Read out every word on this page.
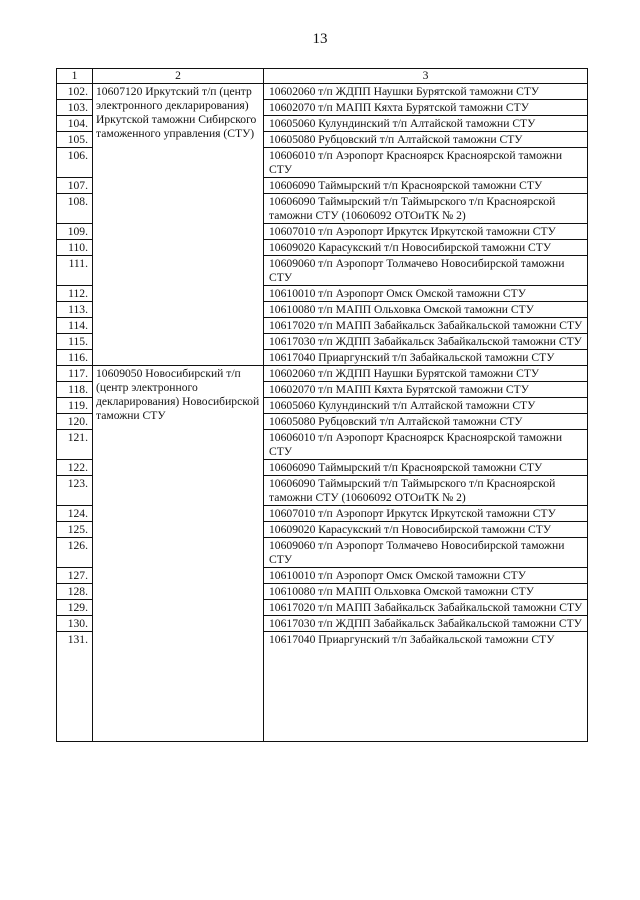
13
1	2	3
102.	10607120 Иркутский т/п (центр электронного декларирования) Иркутской таможни Сибирского таможенного управления (СТУ)	10602060 т/п ЖДПП Наушки Бурятской таможни СТУ
103.		10602070 т/п МАПП Кяхта Бурятской таможни СТУ
104.		10605060 Кулундинский т/п Алтайской таможни СТУ
105.		10605080 Рубцовский т/п Алтайской таможни СТУ
106.		10606010 т/п Аэропорт Красноярск Красноярской таможни СТУ
107.		10606090 Таймырский т/п Красноярской таможни СТУ
108.		10606090 Таймырский т/п Таймырского т/п Красноярской таможни СТУ (10606092 ОТОиТК № 2)
109.		10607010 т/п Аэропорт Иркутск Иркутской таможни СТУ
110.		10609020 Карасукский т/п Новосибирской таможни СТУ
111.		10609060 т/п Аэропорт Толмачево Новосибирской таможни СТУ
112.		10610010 т/п Аэропорт Омск Омской таможни СТУ
113.		10610080 т/п МАПП Ольховка Омской таможни СТУ
114.		10617020 т/п МАПП Забайкальск Забайкальской таможни СТУ
115.		10617030 т/п ЖДПП Забайкальск Забайкальской таможни СТУ
116.		10617040 Приаргунский т/п Забайкальской таможни СТУ
117.	10609050 Новосибирский т/п (центр электронного декларирования) Новосибирской таможни СТУ	10602060 т/п ЖДПП Наушки Бурятской таможни СТУ
118.		10602070 т/п МАПП Кяхта Бурятской таможни СТУ
119.		10605060 Кулундинский т/п Алтайской таможни СТУ
120.		10605080 Рубцовский т/п Алтайской таможни СТУ
121.		10606010 т/п Аэропорт Красноярск Красноярской таможни СТУ
122.		10606090 Таймырский т/п Красноярской таможни СТУ
123.		10606090 Таймырский т/п Таймырского т/п Красноярской таможни СТУ (10606092 ОТОиТК № 2)
124.		10607010 т/п Аэропорт Иркутск Иркутской таможни СТУ
125.		10609020 Карасукский т/п Новосибирской таможни СТУ
126.		10609060 т/п Аэропорт Толмачево Новосибирской таможни СТУ
127.		10610010 т/п Аэропорт Омск Омской таможни СТУ
128.		10610080 т/п МАПП Ольховка Омской таможни СТУ
129.		10617020 т/п МАПП Забайкальск Забайкальской таможни СТУ
130.		10617030 т/п ЖДПП Забайкальск Забайкальской таможни СТУ
131.		10617040 Приаргунский т/п Забайкальской таможни СТУ
